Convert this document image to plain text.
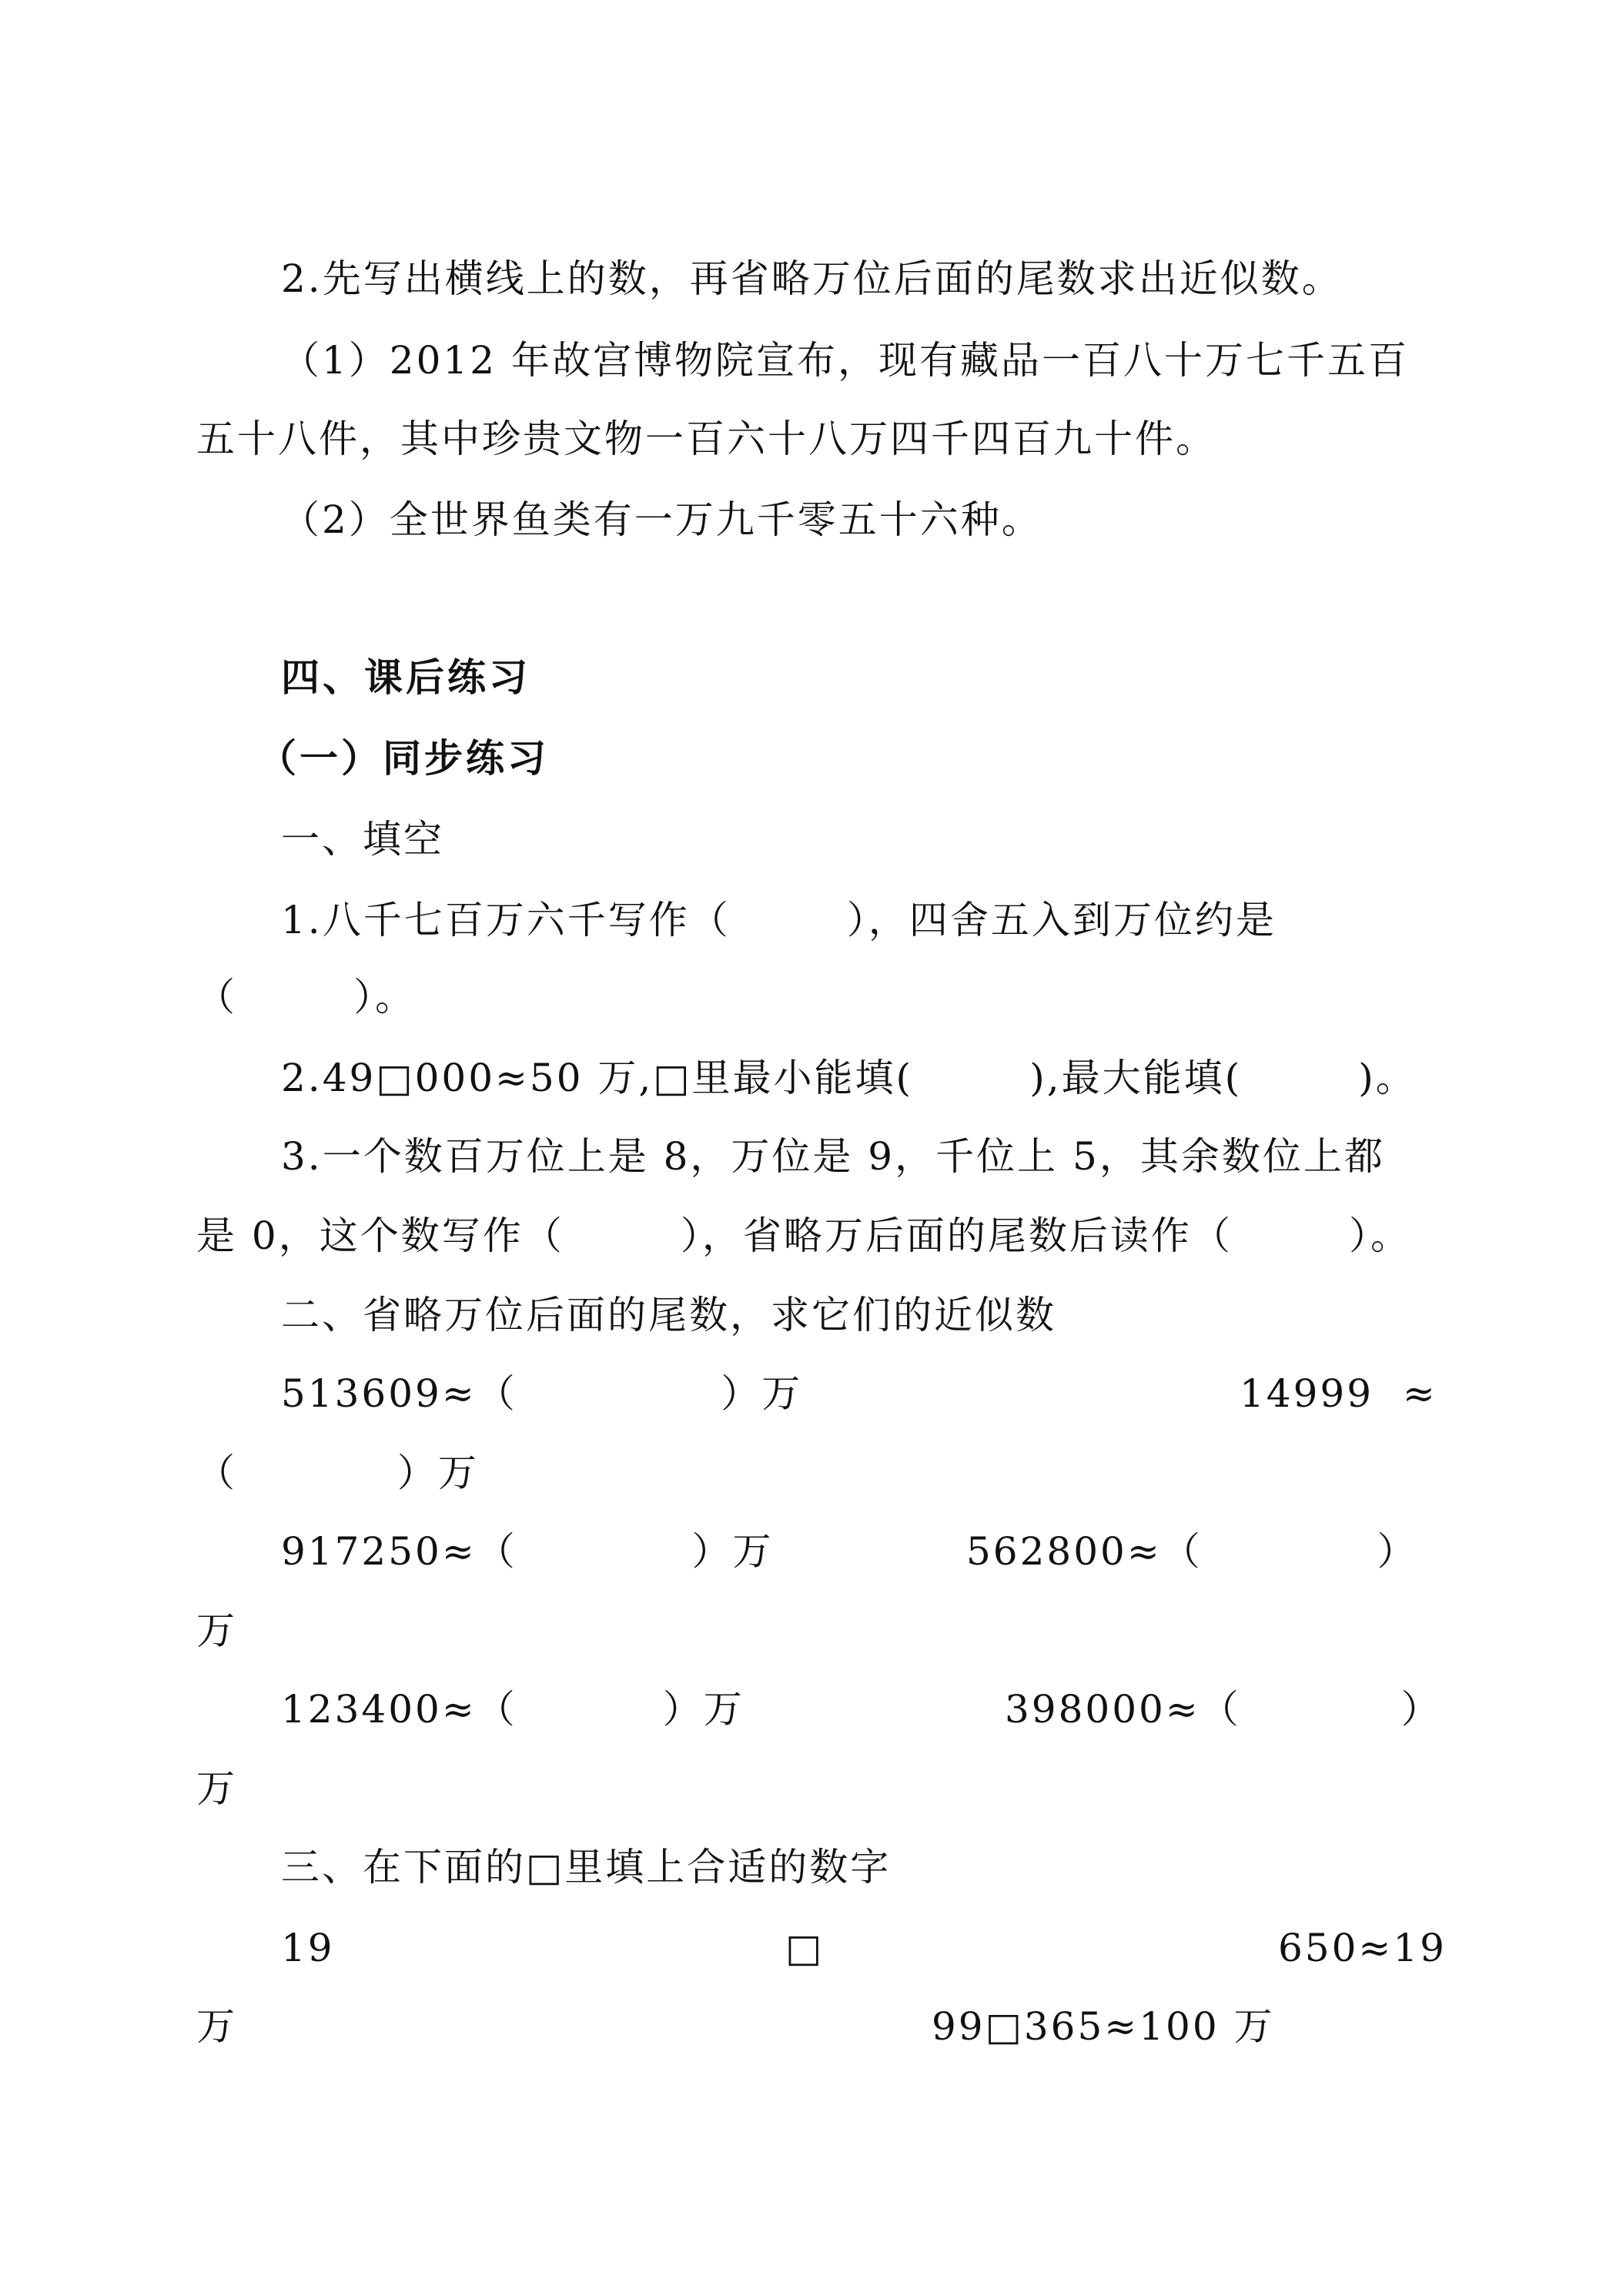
2.先写出横线上的数，再省略万位后面的尾数求出近似数。
（1）2012 年故宫博物院宣布，现有藏品一百八十万七千五百
五十八件，其中珍贵文物一百六十八万四千四百九十件。
（2）全世界鱼类有一万九千零五十六种。
四、课后练习
（一）同步练习
一、填空
1.八千七百万六千写作（        ），四舍五入到万位约是
（        ）。
2.49□000≈50 万,□里最小能填(        ),最大能填(        )。
3.一个数百万位上是 8，万位是 9，千位上 5，其余数位上都
是 0，这个数写作（        ），省略万后面的尾数后读作（        ）。
二、省略万位后面的尾数，求它们的近似数
513609≈（              ）万	14999  ≈
（           ）万
917250≈（            ）万	562800≈（            ）
万
123400≈（          ）万	398000≈（           ）
万
三、在下面的□里填上合适的数字
19	□	650≈19
万	99□365≈100 万
